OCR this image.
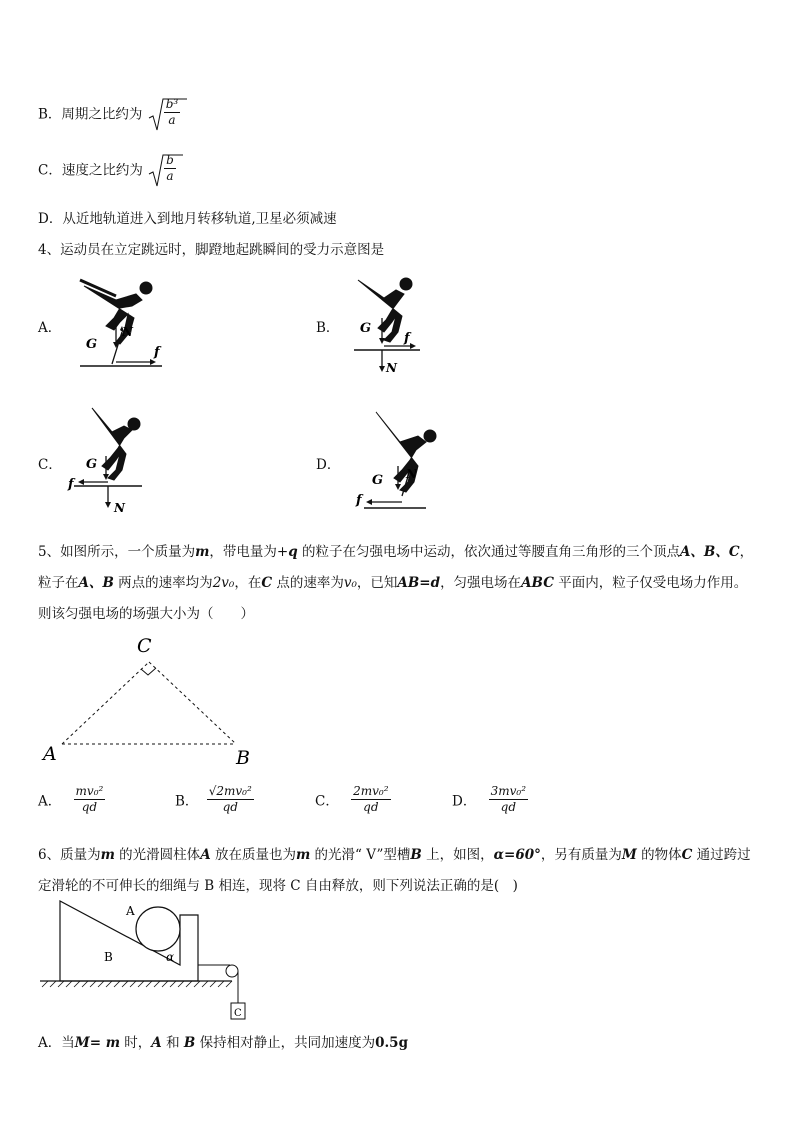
B．周期之比约为 $\frac{\text{b³}}{a}$
C．速度之比约为 $\frac{b}{a}$
D．从近地轨道进入到地月转移轨道,卫星必须减速
4、运动员在立定跳远时，脚蹬地起跳瞬间的受力示意图是
A．	B．
C．	D．
G
N
f
G
f
N
G
f
N
G N
f
5、如图所示，一个质量为m，带电量为+q 的粒子在匀强电场中运动，依次通过等腰直角三角形的三个顶点A、B、C，
粒子在A、B 两点的速率均为2v₀，在C 点的速率为v₀，已知AB=d，匀强电场在ABC 平面内，粒子仅受电场力作用。
则该匀强电场的场强大小为（　　）
A	B
C
A． $\frac{\text{mv₀²}}{qd}$	B． $\frac{\text{√2mv₀²}}{qd}$	C． $\frac{\text{2mv₀²}}{qd}$	D． $\frac{\text{3mv₀²}}{qd}$
6、质量为m 的光滑圆柱体A 放在质量也为m 的光滑“ V”型槽B 上，如图，α=60°，另有质量为M 的物体C 通过跨过
定滑轮的不可伸长的细绳与 B 相连，现将 C 自由释放，则下列说法正确的是(　)
A
B
C
α
A．当M= m 时，A 和 B 保持相对静止，共同加速度为0.5g
